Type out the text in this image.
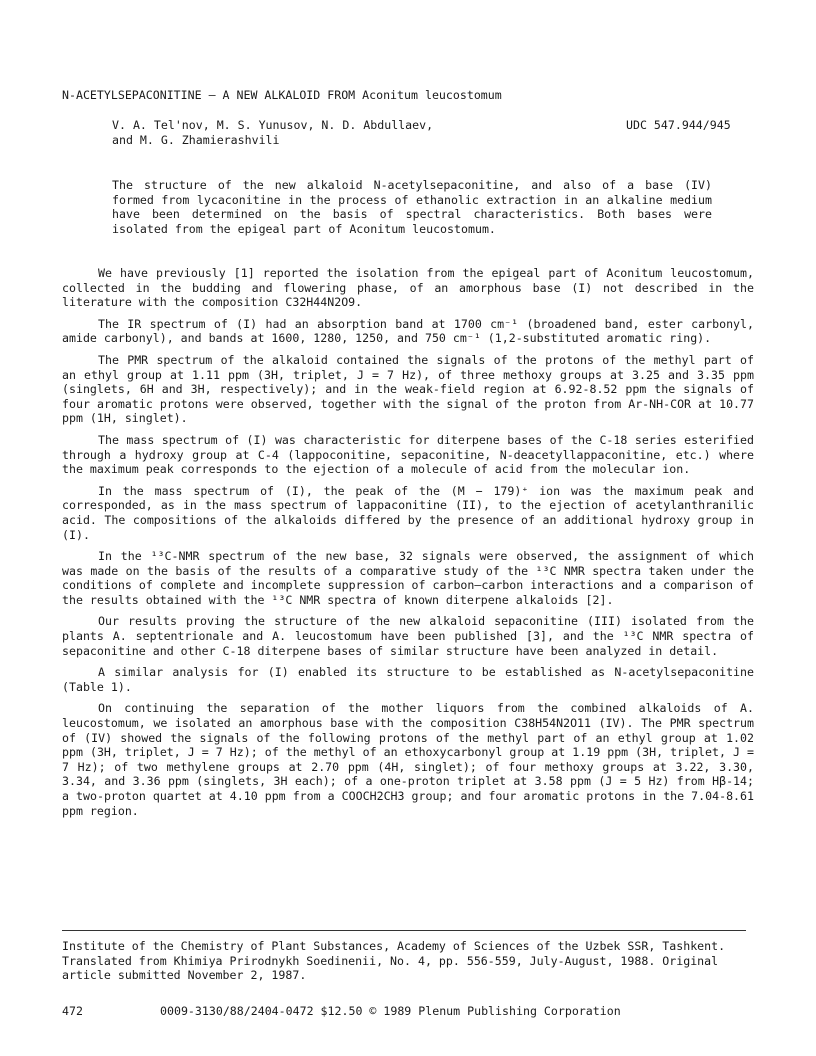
N-ACETYLSEPACONITINE — A NEW ALKALOID FROM Aconitum leucostomum
V. A. Tel'nov, M. S. Yunusov, N. D. Abdullaev,
and M. G. Zhamierashvili
UDC 547.944/945

The structure of the new alkaloid N-acetylsepaconitine, and also of a base (IV) formed from lycaconitine in the process of ethanolic extraction in an alkaline medium have been determined on the basis of spectral characteristics. Both bases were isolated from the epigeal part of Aconitum leucostomum.

We have previously [1] reported the isolation from the epigeal part of Aconitum leucostomum, collected in the budding and flowering phase, of an amorphous base (I) not described in the literature with the composition C32H44N2O9.

The IR spectrum of (I) had an absorption band at 1700 cm⁻¹ (broadened band, ester carbonyl, amide carbonyl), and bands at 1600, 1280, 1250, and 750 cm⁻¹ (1,2-substituted aromatic ring).

The PMR spectrum of the alkaloid contained the signals of the protons of the methyl part of an ethyl group at 1.11 ppm (3H, triplet, J = 7 Hz), of three methoxy groups at 3.25 and 3.35 ppm (singlets, 6H and 3H, respectively); and in the weak-field region at 6.92-8.52 ppm the signals of four aromatic protons were observed, together with the signal of the proton from Ar-NH-COR at 10.77 ppm (1H, singlet).

The mass spectrum of (I) was characteristic for diterpene bases of the C-18 series esterified through a hydroxy group at C-4 (lappoconitine, sepaconitine, N-deacetyllappaconitine, etc.) where the maximum peak corresponds to the ejection of a molecule of acid from the molecular ion.

In the mass spectrum of (I), the peak of the (M − 179)⁺ ion was the maximum peak and corresponded, as in the mass spectrum of lappaconitine (II), to the ejection of acetylanthranilic acid. The compositions of the alkaloids differed by the presence of an additional hydroxy group in (I).

In the ¹³C-NMR spectrum of the new base, 32 signals were observed, the assignment of which was made on the basis of the results of a comparative study of the ¹³C NMR spectra taken under the conditions of complete and incomplete suppression of carbon—carbon interactions and a comparison of the results obtained with the ¹³C NMR spectra of known diterpene alkaloids [2].

Our results proving the structure of the new alkaloid sepaconitine (III) isolated from the plants A. septentrionale and A. leucostomum have been published [3], and the ¹³C NMR spectra of sepaconitine and other C-18 diterpene bases of similar structure have been analyzed in detail.

A similar analysis for (I) enabled its structure to be established as N-acetylsepaconitine (Table 1).

On continuing the separation of the mother liquors from the combined alkaloids of A. leucostomum, we isolated an amorphous base with the composition C38H54N2O11 (IV). The PMR spectrum of (IV) showed the signals of the following protons of the methyl part of an ethyl group at 1.02 ppm (3H, triplet, J = 7 Hz); of the methyl of an ethoxycarbonyl group at 1.19 ppm (3H, triplet, J = 7 Hz); of two methylene groups at 2.70 ppm (4H, singlet); of four methoxy groups at 3.22, 3.30, 3.34, and 3.36 ppm (singlets, 3H each); of a one-proton triplet at 3.58 ppm (J = 5 Hz) from Hβ-14; a two-proton quartet at 4.10 ppm from a COOCH2CH3 group; and four aromatic protons in the 7.04-8.61 ppm region.

Institute of the Chemistry of Plant Substances, Academy of Sciences of the Uzbek SSR, Tashkent. Translated from Khimiya Prirodnykh Soedinenii, No. 4, pp. 556-559, July-August, 1988. Original article submitted November 2, 1987.
472	0009-3130/88/2404-0472 $12.50 © 1989 Plenum Publishing Corporation
